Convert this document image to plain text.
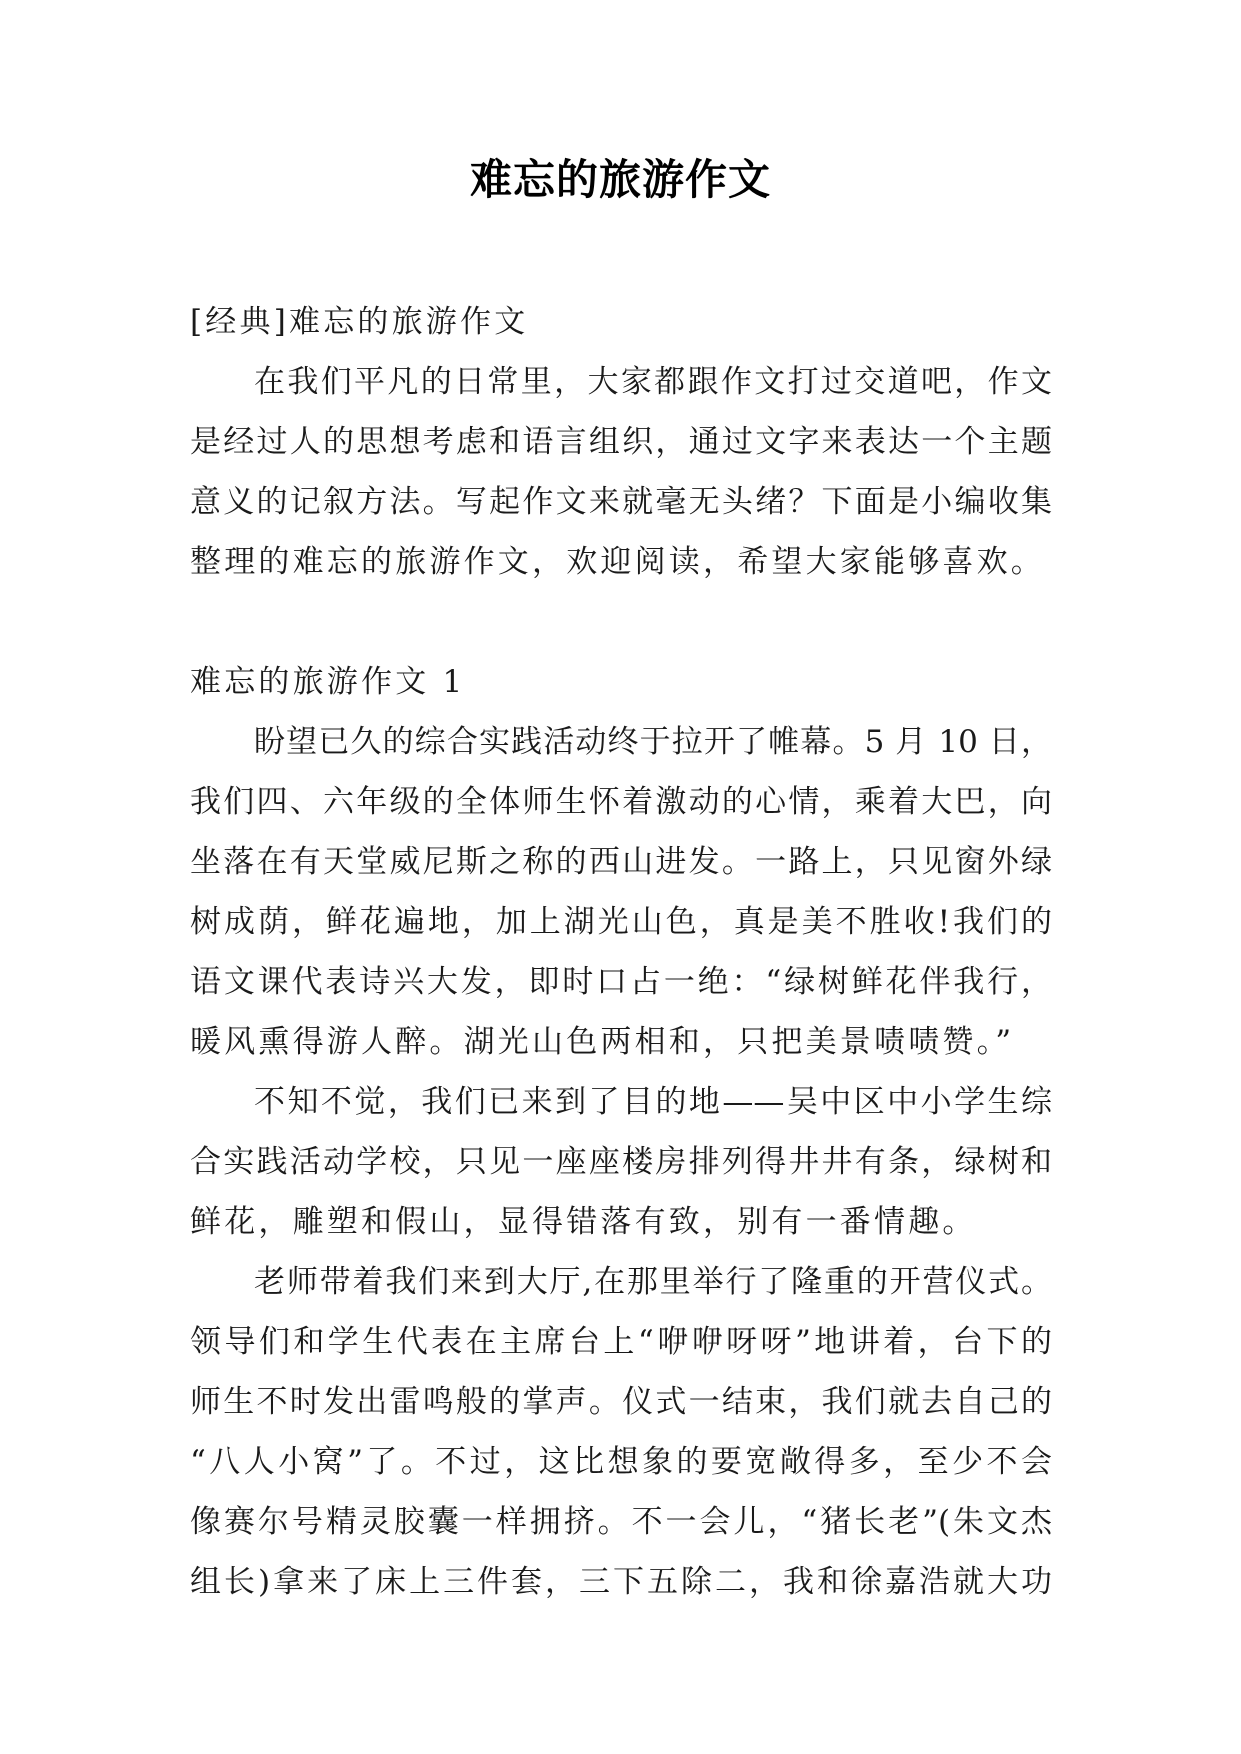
难忘的旅游作文
[经典]难忘的旅游作文
在我们平凡的日常里，大家都跟作文打过交道吧，作文
是经过人的思想考虑和语言组织，通过文字来表达一个主题
意义的记叙方法。写起作文来就毫无头绪？下面是小编收集
整理的难忘的旅游作文，欢迎阅读，希望大家能够喜欢。
难忘的旅游作文 1
盼望已久的综合实践活动终于拉开了帷幕。5 月 10 日，
我们四、六年级的全体师生怀着激动的心情，乘着大巴，向
坐落在有天堂威尼斯之称的西山进发。一路上，只见窗外绿
树成荫，鲜花遍地，加上湖光山色，真是美不胜收!我们的
语文课代表诗兴大发，即时口占一绝：“绿树鲜花伴我行，
暖风熏得游人醉。湖光山色两相和，只把美景啧啧赞。”
不知不觉，我们已来到了目的地——吴中区中小学生综
合实践活动学校，只见一座座楼房排列得井井有条，绿树和
鲜花，雕塑和假山，显得错落有致，别有一番情趣。
老师带着我们来到大厅,在那里举行了隆重的开营仪式。
领导们和学生代表在主席台上“咿咿呀呀”地讲着，台下的
师生不时发出雷鸣般的掌声。仪式一结束，我们就去自己的
“八人小窝”了。不过，这比想象的要宽敞得多，至少不会
像赛尔号精灵胶囊一样拥挤。不一会儿，“猪长老”(朱文杰
组长)拿来了床上三件套，三下五除二，我和徐嘉浩就大功
